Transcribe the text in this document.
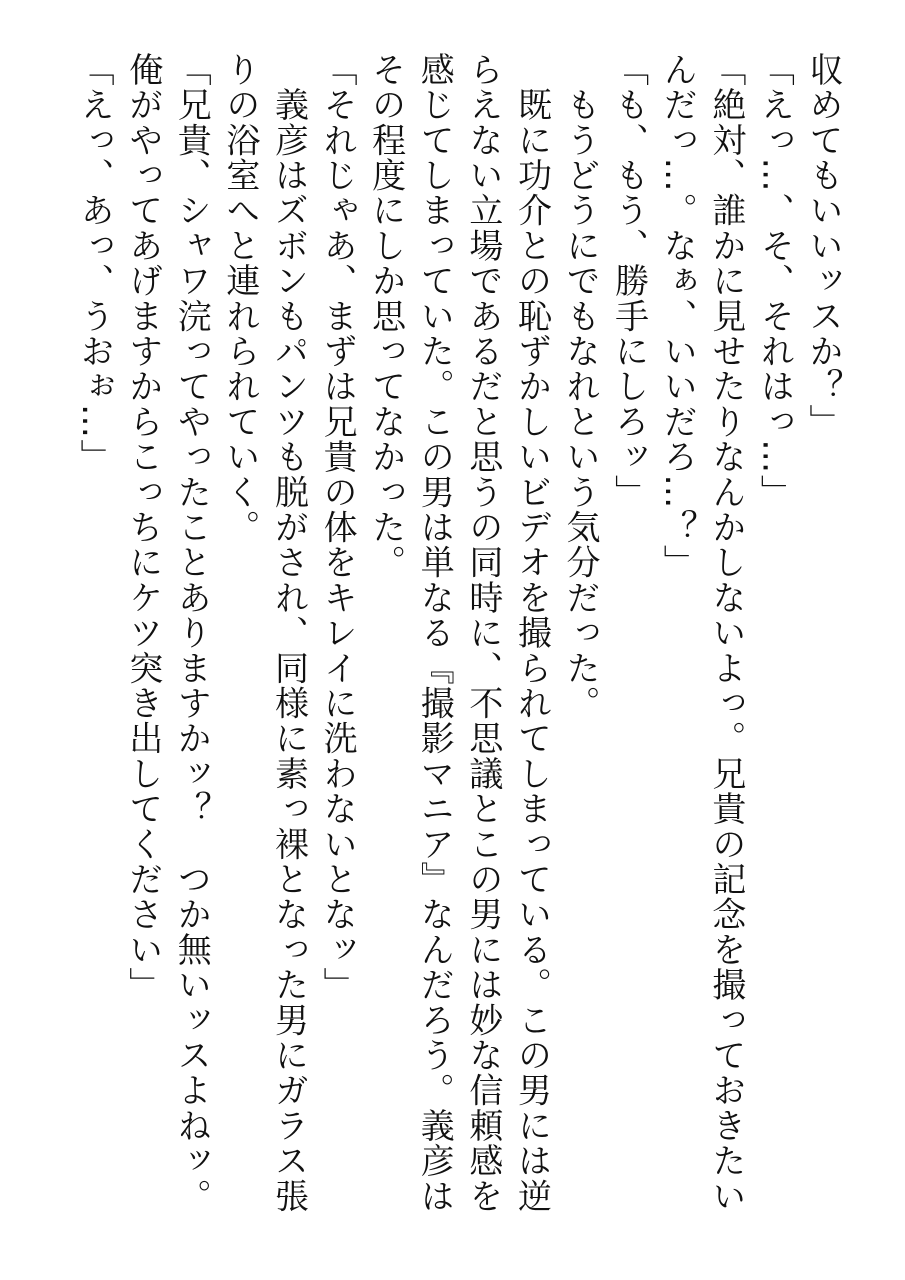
収めてもいいッスか？」

「えっ…、そ、それはっ…」

「絶対、誰かに見せたりなんかしないよっ。兄貴の記念を撮っておきたいんだっ…。なぁ、いいだろ…？」

「も、もう、勝手にしろッ」

　もうどうにでもなれという気分だった。

　既に功介との恥ずかしいビデオを撮られてしまっている。この男には逆らえない立場であるだと思うの同時に、不思議とこの男には妙な信頼感を感じてしまっていた。この男は単なる『撮影マニア』なんだろう。義彦はその程度にしか思ってなかった。

「それじゃあ、まずは兄貴の体をキレイに洗わないとなッ」

　義彦はズボンもパンツも脱がされ、同様に素っ裸となった男にガラス張りの浴室へと連れられていく。

「兄貴、シャワ浣ってやったことありますかッ？　つか無いッスよねッ。俺がやってあげますからこっちにケツ突き出してください」

「えっ、あっ、うおぉ…」
